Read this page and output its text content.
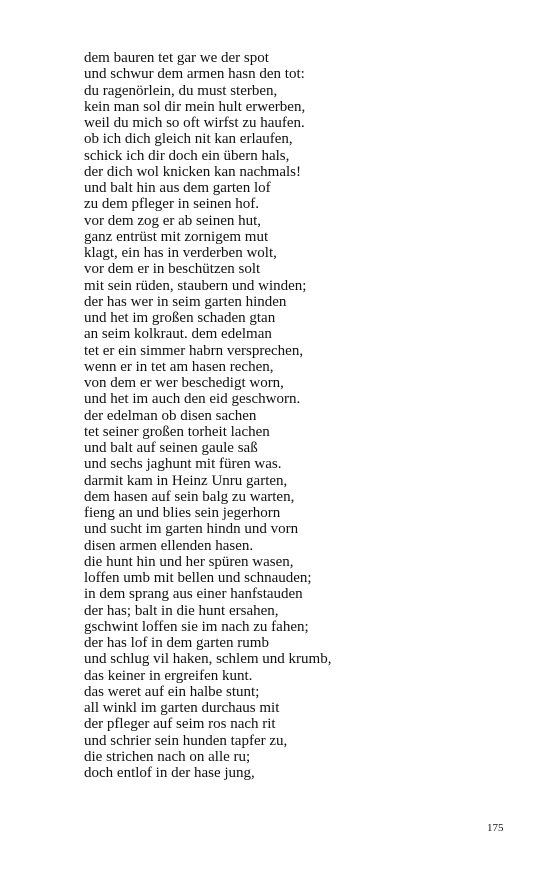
dem bauren tet gar we der spot
und schwur dem armen hasn den tot:
du ragenörlein, du must sterben,
kein man sol dir mein hult erwerben,
weil du mich so oft wirfst zu haufen.
ob ich dich gleich nit kan erlaufen,
schick ich dir doch ein übern hals,
der dich wol knicken kan nachmals!
und balt hin aus dem garten lof
zu dem pfleger in seinen hof.
vor dem zog er ab seinen hut,
ganz entrüst mit zornigem mut
klagt, ein has in verderben wolt,
vor dem er in beschützen solt
mit sein rüden, staubern und winden;
der has wer in seim garten hinden
und het im großen schaden gtan
an seim kolkraut. dem edelman
tet er ein simmer habrn versprechen,
wenn er in tet am hasen rechen,
von dem er wer beschedigt worn,
und het im auch den eid geschworn.
der edelman ob disen sachen
tet seiner großen torheit lachen
und balt auf seinen gaule saß
und sechs jaghunt mit füren was.
darmit kam in Heinz Unru garten,
dem hasen auf sein balg zu warten,
fieng an und blies sein jegerhorn
und sucht im garten hindn und vorn
disen armen ellenden hasen.
die hunt hin und her spüren wasen,
loffen umb mit bellen und schnauden;
in dem sprang aus einer hanfstauden
der has; balt in die hunt ersahen,
gschwint loffen sie im nach zu fahen;
der has lof in dem garten rumb
und schlug vil haken, schlem und krumb,
das keiner in ergreifen kunt.
das weret auf ein halbe stunt;
all winkl im garten durchaus mit
der pfleger auf seim ros nach rit
und schrier sein hunden tapfer zu,
die strichen nach on alle ru;
doch entlof in der hase jung,
175
